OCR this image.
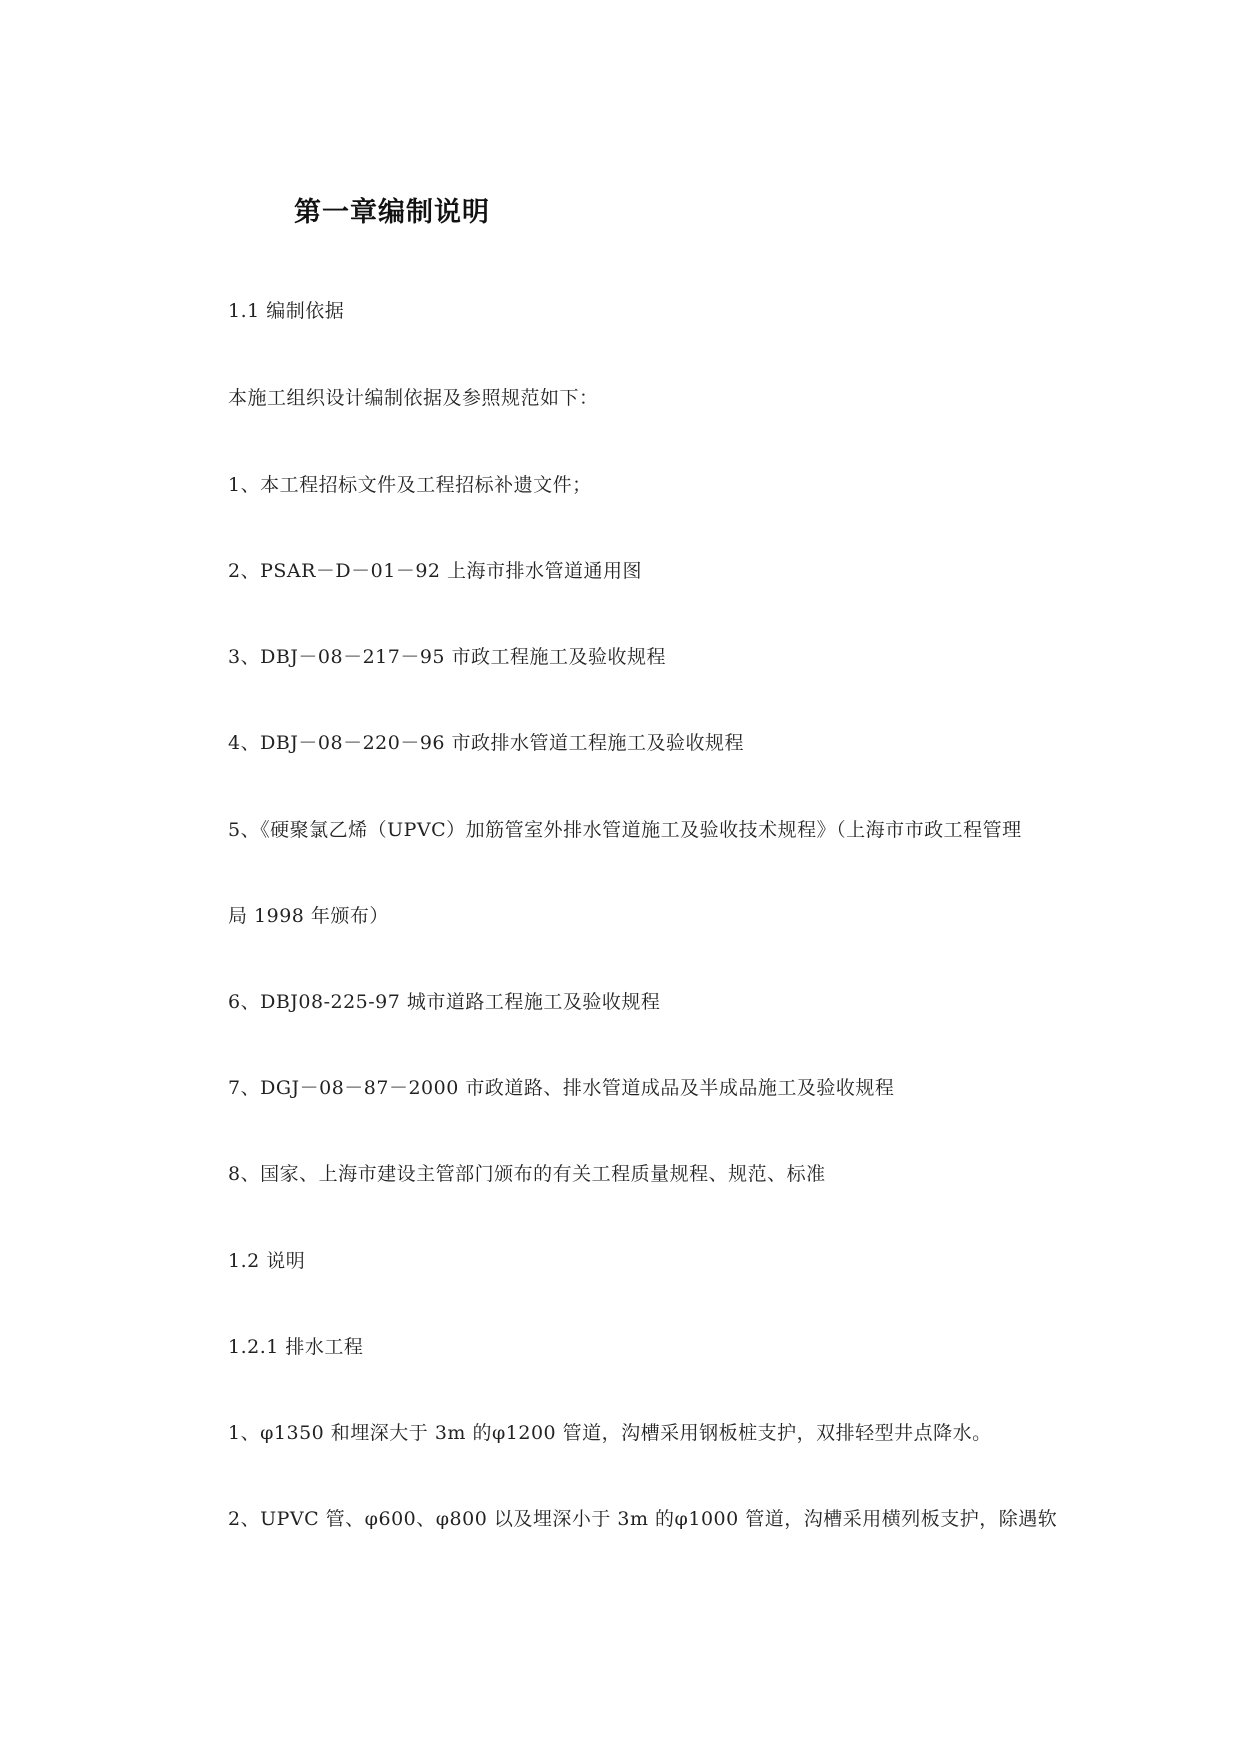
第一章编制说明
1.1 编制依据
本施工组织设计编制依据及参照规范如下：
1、本工程招标文件及工程招标补遗文件；
2、PSAR－D－01－92 上海市排水管道通用图
3、DBJ－08－217－95 市政工程施工及验收规程
4、DBJ－08－220－96 市政排水管道工程施工及验收规程
5、《硬聚氯乙烯（UPVC）加筋管室外排水管道施工及验收技术规程》（上海市市政工程管理
局 1998 年颁布）
6、DBJ08-225-97 城市道路工程施工及验收规程
7、DGJ－08－87－2000 市政道路、排水管道成品及半成品施工及验收规程
8、国家、上海市建设主管部门颁布的有关工程质量规程、规范、标准
1.2 说明
1.2.1 排水工程
1、φ1350 和埋深大于 3m 的φ1200 管道，沟槽采用钢板桩支护，双排轻型井点降水。
2、UPVC 管、φ600、φ800 以及埋深小于 3m 的φ1000 管道，沟槽采用横列板支护，除遇软
